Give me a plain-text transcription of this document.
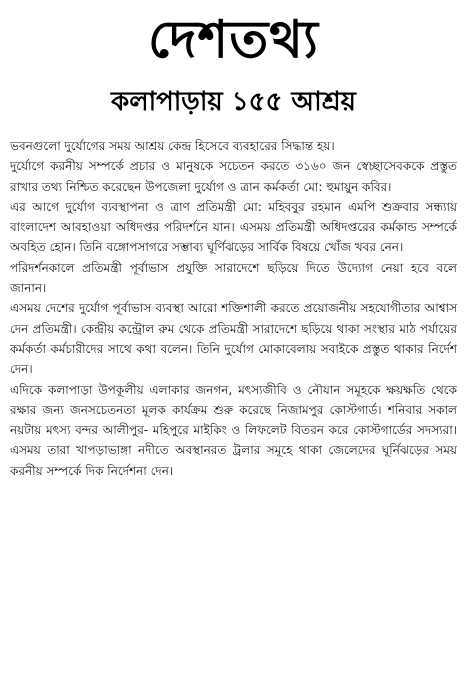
দেশতথ্য
কলাপাড়ায় ১৫৫ আশ্রয়

ভবনগুলো দুর্যোগের সময় আশ্রয় কেন্দ্র হিসেবে ব্যবহারের সিদ্ধান্ত হয়।

দুর্যোগে করনীয় সম্পর্কে প্রচার ও মানুষকে সচেতন করতে ৩১৬০ জন স্বেচ্ছাসেবককে প্রস্তুত রাখার তথ্য নিশ্চিত করেছেন উপজেলা দুর্যোগ ও ত্রান কর্মকর্তা মো: হুমায়ুন কবির।

এর আগে দুর্যোগ ব্যবস্থাপনা ও ত্রাণ প্রতিমন্ত্রী মো: মহিববুর রহমান এমপি শুক্রবার সন্ধ্যায় বাংলাদেশ আবহাওয়া অধিদপ্তর পরিদর্শনে যান। এসময় প্রতিমন্ত্রী অধিদপ্তরের কর্মকান্ড সম্পর্কে অবহিত হোন। তিনি বঙ্গোপসাগরে সম্ভাব্য ঘূর্ণিঝড়ের সার্বিক বিষয়ে খোঁজ খবর নেন।

পরিদর্শনকালে প্রতিমন্ত্রী পূর্বাভাস প্রযুক্তি সারাদেশে ছড়িয়ে দিতে উদ্যোগ নেয়া হবে বলে জানান।

এসময় দেশের দুর্যোগ পূর্বাভাস ব্যবস্থা আরো শক্তিশালী করতে প্রয়োজনীয় সহযোগীতার আশ্বাস দেন প্রতিমন্ত্রী। কেন্দ্রীয় কন্ট্রোল রুম থেকে প্রতিমন্ত্রী সারাদেশে ছড়িয়ে থাকা সংস্থার মাঠ পর্যায়ের কর্মকর্তা কর্মচারীদের সাথে কথা বলেন। তিনি দুর্যোগ মোকাবেলায় সবাইকে প্রস্তুত থাকার নির্দেশ দেন।

এদিকে কলাপাড়া উপকূলীয় এলাকার জনগন, মৎস্যজীবি ও নৌযান সমূহকে ক্ষয়ক্ষতি থেকে রক্ষার জন্য জনসচেতনতা মূলক কার্যক্রম শুরু করেছে নিজামপুর কোস্টগার্ড। শনিবার সকাল নয়টায় মৎস্য বন্দর আলীপুর- মহিপুরে মাইকিং ও লিফলেট বিতরন করে কোস্টগার্ডের সদস্যরা। এসময় তারা খাপড়াভাঙ্গা নদীতে অবস্থানরত ট্রলার সমূহে থাকা জেলেদের ঘূর্নিঝড়ের সময় করনীয় সম্পর্কে দিক নির্দেশনা দেন।
